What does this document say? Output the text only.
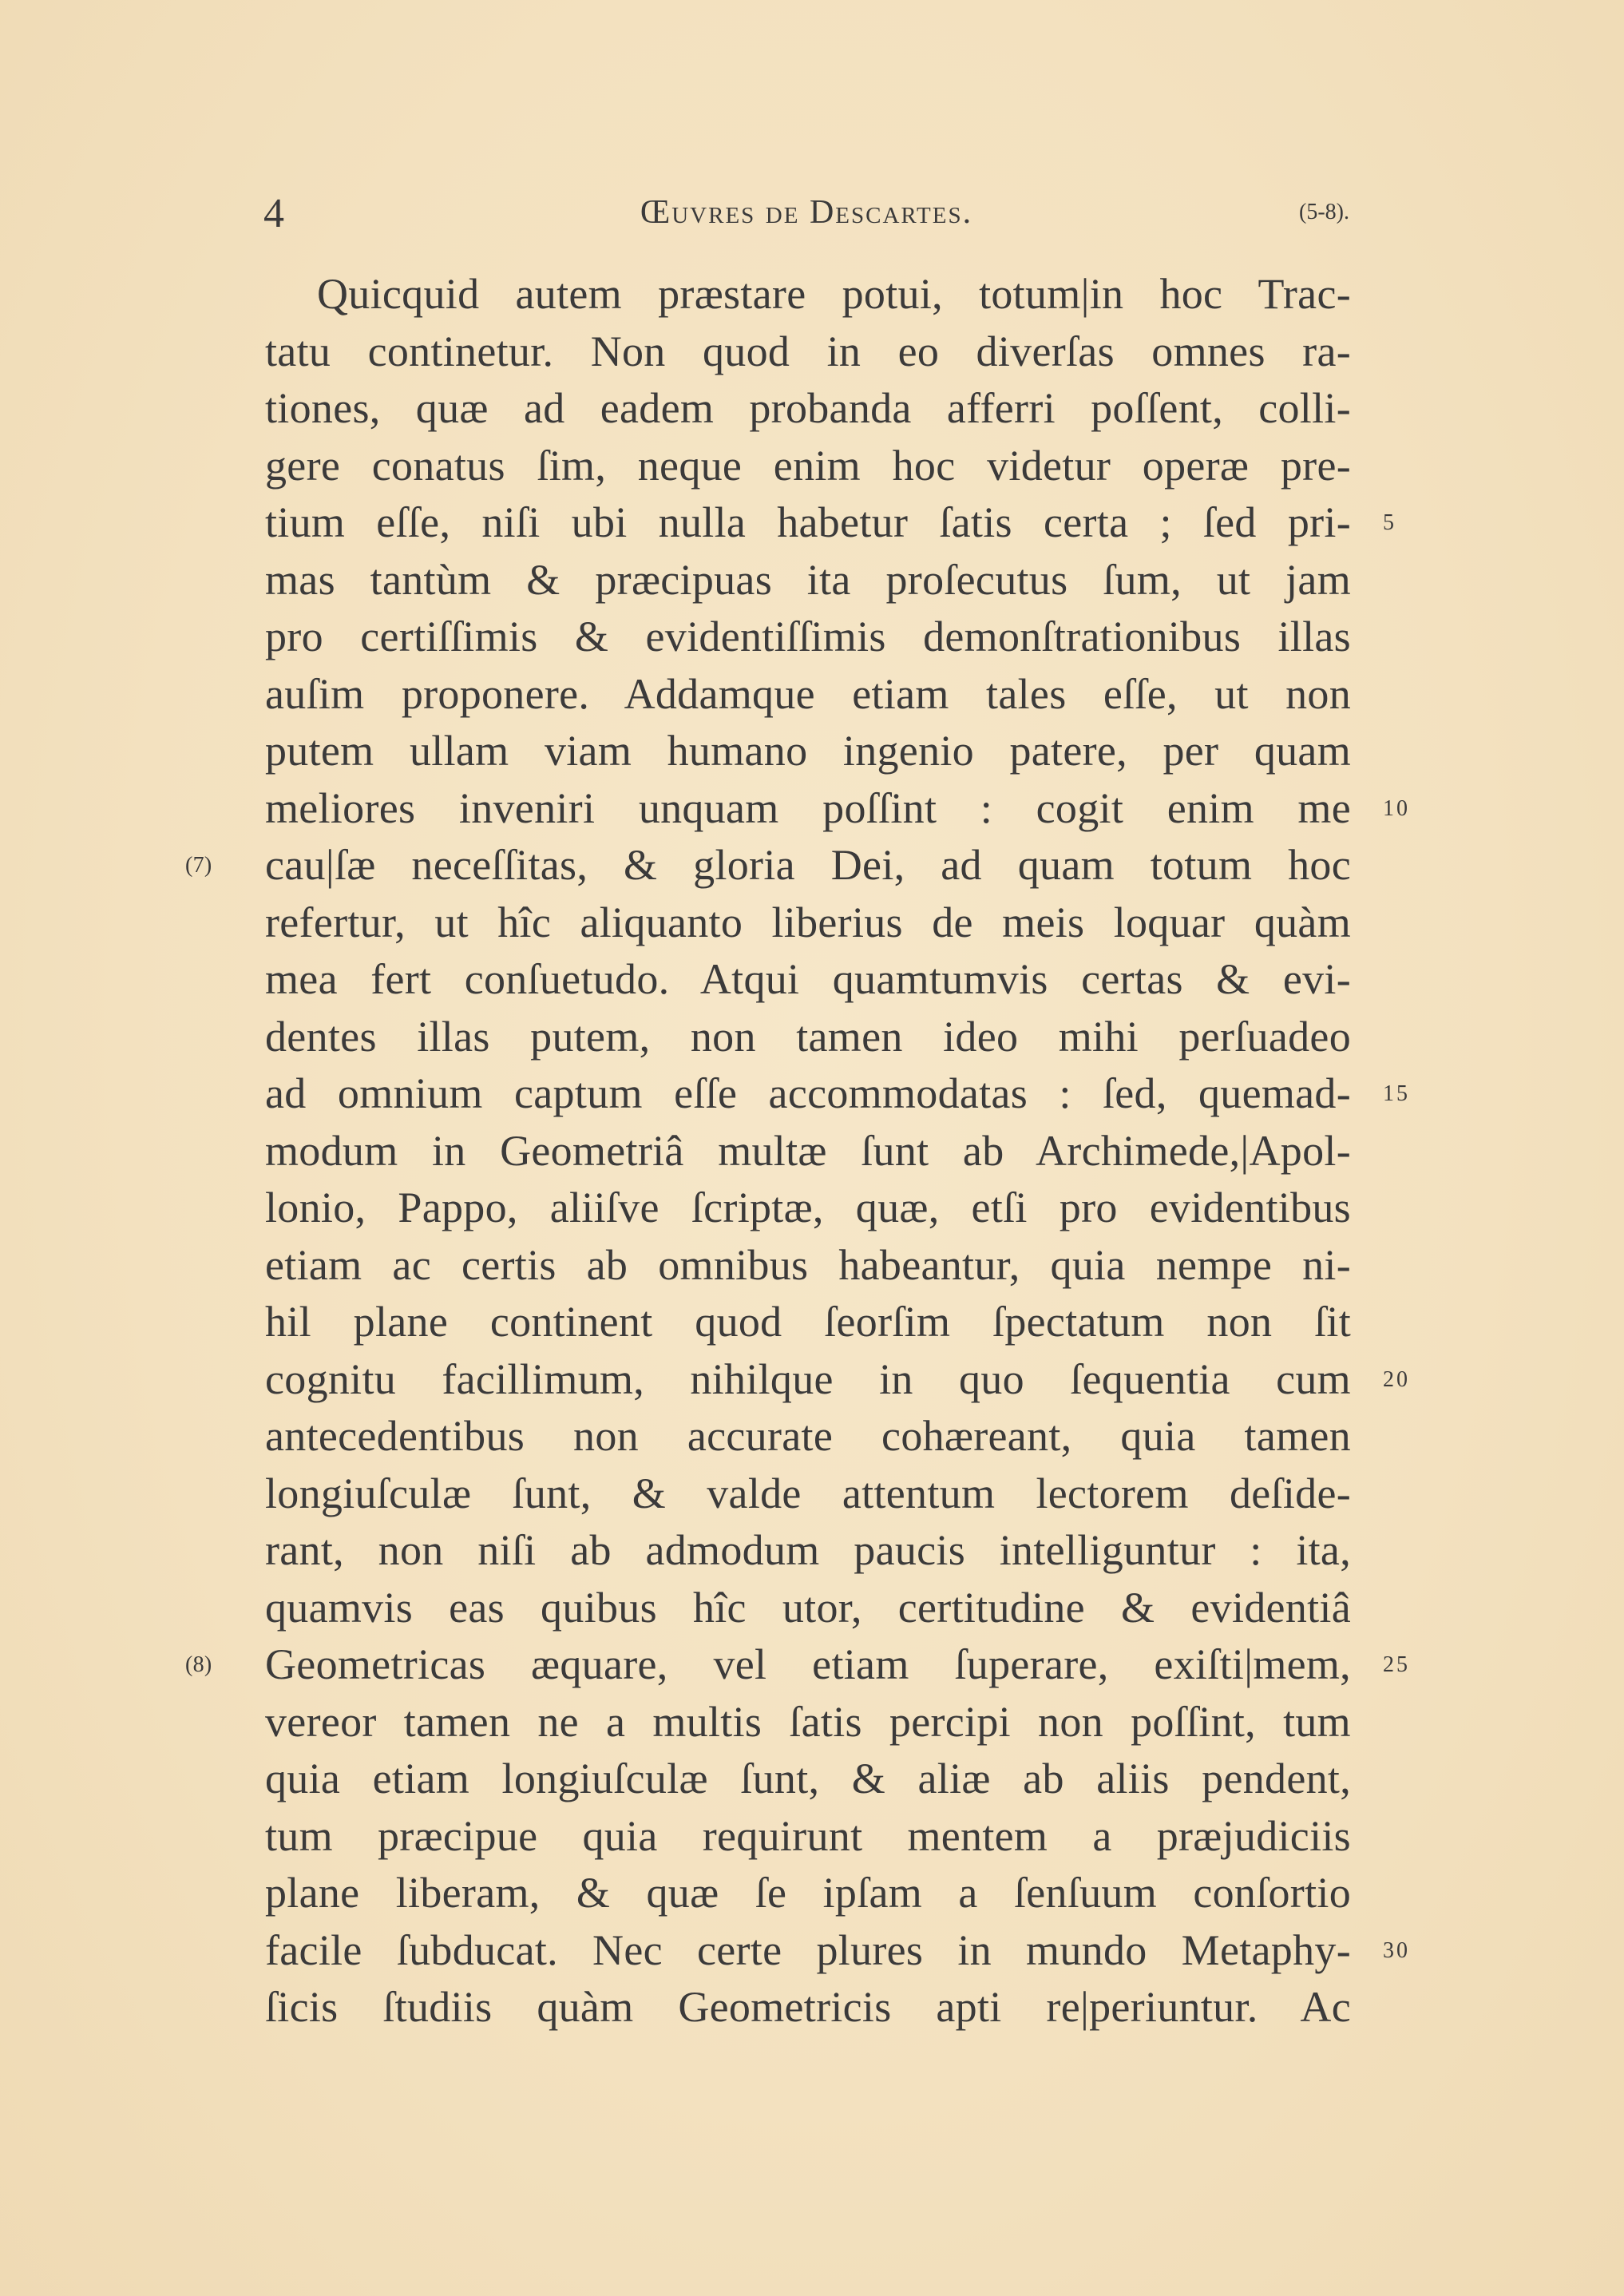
4	Œuvres de Descartes.	(5-8).
Quicquid autem præstare potui, totum|in hoc Trac-
tatu continetur. Non quod in eo diverſas omnes ra-
tiones, quæ ad eadem probanda afferri poſſent, colli-
gere conatus ſim, neque enim hoc videtur operæ pre-
tium eſſe, niſi ubi nulla habetur ſatis certa ; ſed pri- 5
mas tantùm & præcipuas ita proſecutus ſum, ut jam
pro certiſſimis & evidentiſſimis demonſtrationibus illas
auſim proponere. Addamque etiam tales eſſe, ut non
putem ullam viam humano ingenio patere, per quam
meliores inveniri unquam poſſint : cogit enim me 10
cau|ſæ neceſſitas, & gloria Dei, ad quam totum hoc
(7)
refertur, ut hîc aliquanto liberius de meis loquar quàm
mea fert conſuetudo. Atqui quamtumvis certas & evi-
dentes illas putem, non tamen ideo mihi perſuadeo
ad omnium captum eſſe accommodatas : ſed, quemad- 15
modum in Geometriâ multæ ſunt ab Archimede,|Apol-
lonio, Pappo, aliiſve ſcriptæ, quæ, etſi pro evidentibus
etiam ac certis ab omnibus habeantur, quia nempe ni-
hil plane continent quod ſeorſim ſpectatum non ſit
cognitu facillimum, nihilque in quo ſequentia cum 20
antecedentibus non accurate cohæreant, quia tamen
longiuſculæ ſunt, & valde attentum lectorem deſide-
rant, non niſi ab admodum paucis intelliguntur : ita,
quamvis eas quibus hîc utor, certitudine & evidentiâ
Geometricas æquare, vel etiam ſuperare, exiſti|mem,
(8)	25
vereor tamen ne a multis ſatis percipi non poſſint, tum
quia etiam longiuſculæ ſunt, & aliæ ab aliis pendent,
tum præcipue quia requirunt mentem a præjudiciis
plane liberam, & quæ ſe ipſam a ſenſuum conſortio
facile ſubducat. Nec certe plures in mundo Metaphy- 30
ſicis ſtudiis quàm Geometricis apti re|periuntur. Ac
